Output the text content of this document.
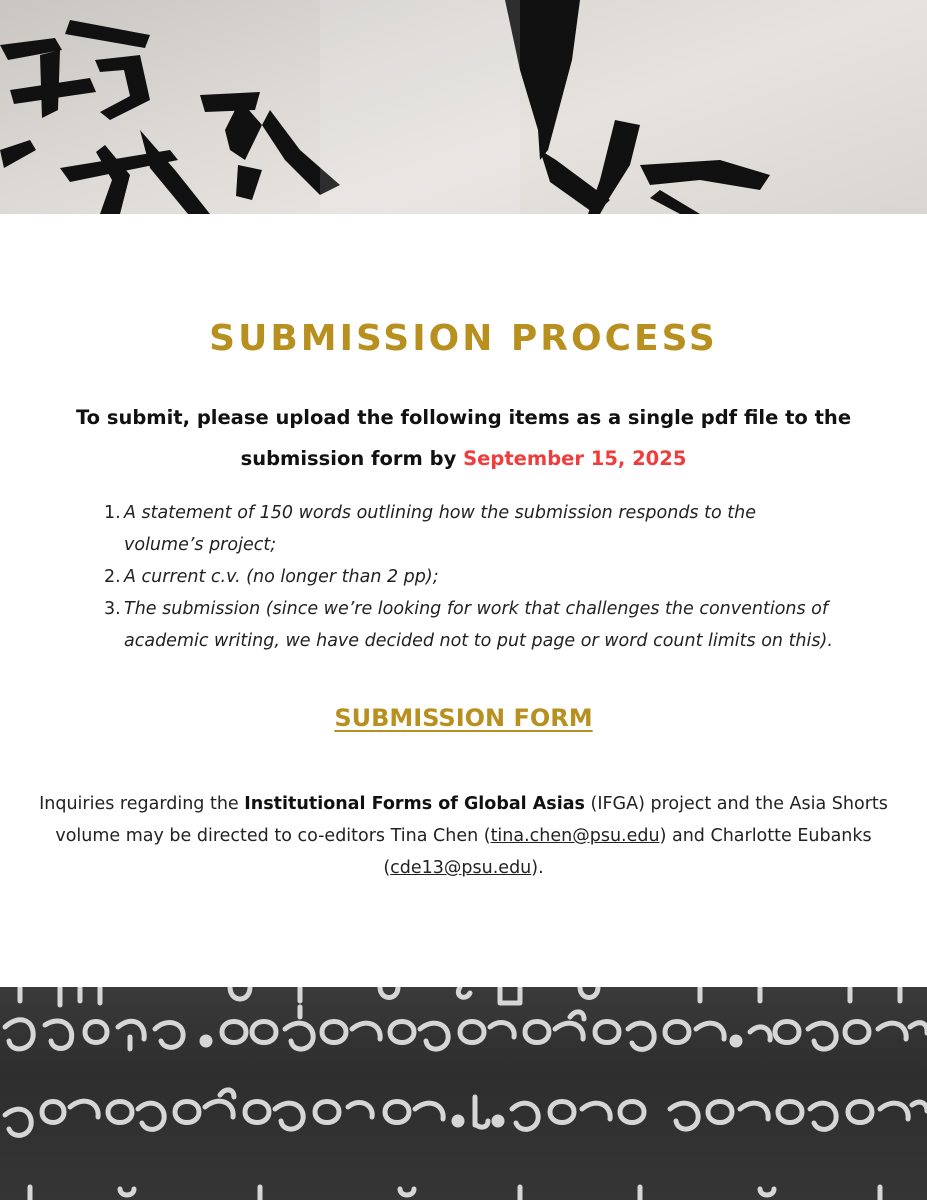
SUBMISSION PROCESS

To submit, please upload the following items as a single pdf file to the submission form by September 15, 2025

1. A statement of 150 words outlining how the submission responds to the volume’s project;
2. A current c.v. (no longer than 2 pp);
3. The submission (since we’re looking for work that challenges the conventions of academic writing, we have decided not to put page or word count limits on this).
SUBMISSION FORM

Inquiries regarding the Institutional Forms of Global Asias (IFGA) project and the Asia Shorts volume may be directed to co-editors Tina Chen (tina.chen@psu.edu) and Charlotte Eubanks (cde13@psu.edu).
